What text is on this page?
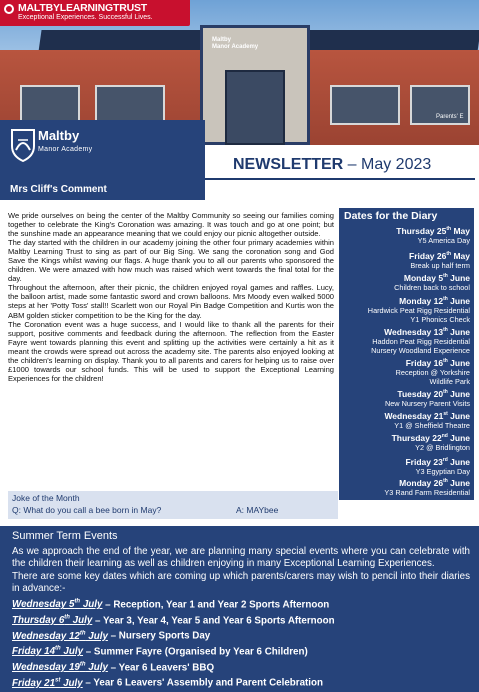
Maltby
Manor Academy
Parents' E
MALTBYLEARNINGTRUST
Exceptional Experiences. Successful Lives.
Maltby
Manor Academy
NEWSLETTER – May 2023
Mrs Cliff's Comment

We pride ourselves on being the center of the Maltby Community so seeing our families coming together to celebrate the King's Coronation was amazing. It was touch and go at one point; but the sunshine made an appearance meaning that we could enjoy our picnic altogether outside.

The day started with the children in our academy joining the other four primary academies within Maltby Learning Trust to sing as part of our Big Sing. We sang the coronation song and God Save the Kings whilst waving our flags. A huge thank you to all our parents who sponsored the children. We were amazed with how much was raised which went towards the final total for the day.

Throughout the afternoon, after their picnic, the children enjoyed royal games and raffles. Lucy, the balloon artist, made some fantastic sword and crown balloons. Mrs Moody even walked 5000 steps at her 'Potty Toss' stall!! Scarlett won our Royal Pin Badge Competition and Kurtis won the ABM golden sticker competition to be the King for the day.

The Coronation event was a huge success, and I would like to thank all the parents for their support, positive comments and feedback during the afternoon. The reflection from the Easter Fayre went towards planning this event and splitting up the activities were certainly a hit as it meant the crowds were spread out across the academy site. The parents also enjoyed looking at the children's learning on display. Thank you to all parents and carers for helping us to raise over £1000 towards our school funds. This will be used to support the Exceptional Learning Experiences for the children!

Dates for the Diary
Thursday 25th May
Y5 America Day
Friday 26th May
Break up half term
Monday 5th June
Children back to school
Monday 12th June
Hardwick Peat Rigg Residential
Y1 Phonics Check
Wednesday 13th June
Haddon Peat Rigg Residential
Nursery Woodland Experience
Friday 16th June
Reception @ Yorkshire
Wildlife Park
Tuesday 20th June
New Nursery Parent Visits
Wednesday 21st June
Y1 @ Sheffield Theatre
Thursday 22nd June
Y2 @ Bridlington
Friday 23rd June
Y3 Egyptian Day
Monday 26th June
Y3 Rand Farm Residential
Joke of the Month
Q: What do you call a bee born in May?	A: MAYbee
Summer Term Events
As we approach the end of the year, we are planning many special events where you can celebrate with the children their learning as well as children enjoying in many Exceptional Learning Experiences.
There are some key dates which are coming up which parents/carers may wish to pencil into their diaries in advance:-
Wednesday 5th July – Reception, Year 1 and Year 2 Sports Afternoon
Thursday 6th July – Year 3, Year 4, Year 5 and Year 6 Sports Afternoon
Wednesday 12th July – Nursery Sports Day
Friday 14th July – Summer Fayre (Organised by Year 6 Children)
Wednesday 19th July – Year 6 Leavers' BBQ
Friday 21st July – Year 6 Leavers' Assembly and Parent Celebration
